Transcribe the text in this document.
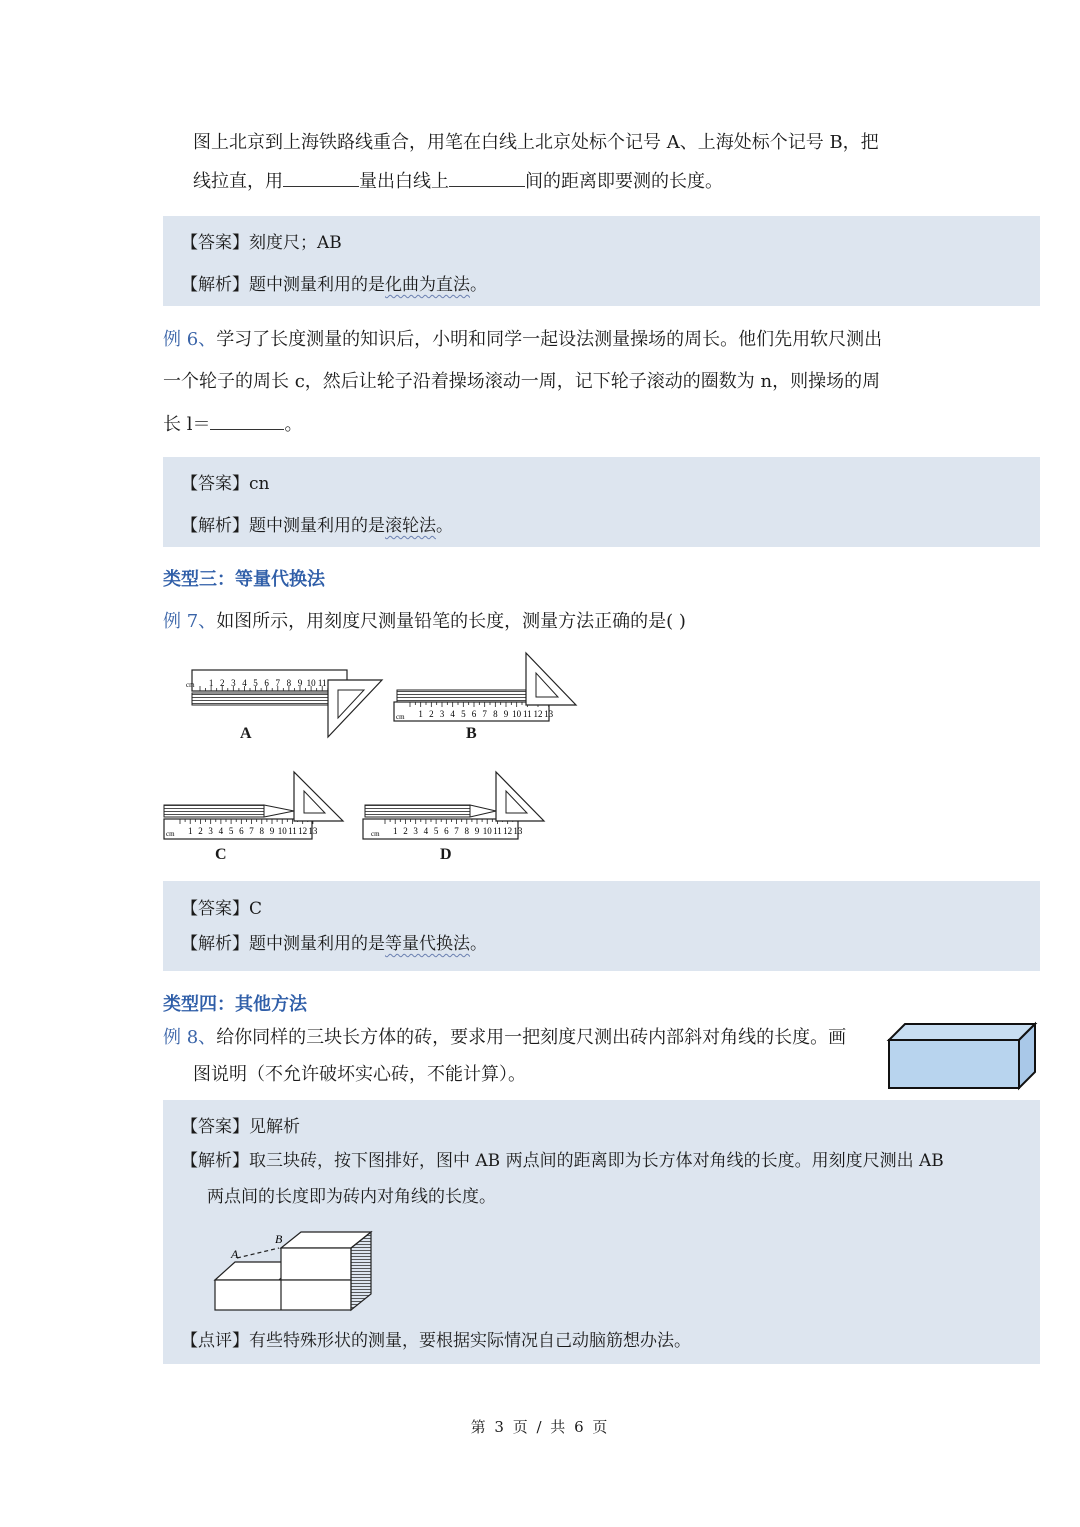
图上北京到上海铁路线重合，用笔在白线上北京处标个记号 A、上海处标个记号 B，把
线拉直，用	量出白线上	间的距离即要测的长度。
【答案】刻度尺；AB
【解析】题中测量利用的是化曲为直法。
例 6、学习了长度测量的知识后，小明和同学一起设法测量操场的周长。他们先用软尺测出
一个轮子的周长 c，然后让轮子沿着操场滚动一周，记下轮子滚动的圈数为 n，则操场的周
长 l＝	。
【答案】cn
【解析】题中测量利用的是滚轮法。
类型三：等量代换法
例 7、如图所示，用刻度尺测量铅笔的长度，测量方法正确的是( )
cm 1 2 3 4 5 6 7 8 9 10 11
cm 1 2 3 4 5 6 7 8 9 10 11 12 13
cm 1 2 3 4 5 6 7 8 9 10 11 12 13	cm 1 2 3 4 5 6 7 8 9 10 11 12 13
A	B
C	D
【答案】C
【解析】题中测量利用的是等量代换法。
类型四：其他方法
例 8、给你同样的三块长方体的砖，要求用一把刻度尺测出砖内部斜对角线的长度。画
图说明（不允许破坏实心砖，不能计算）。
【答案】见解析
【解析】取三块砖，按下图排好，图中 AB 两点间的距离即为长方体对角线的长度。用刻度尺测出 AB
两点间的长度即为砖内对角线的长度。
A
B
【点评】有些特殊形状的测量，要根据实际情况自己动脑筋想办法。
第 3 页 / 共 6 页
